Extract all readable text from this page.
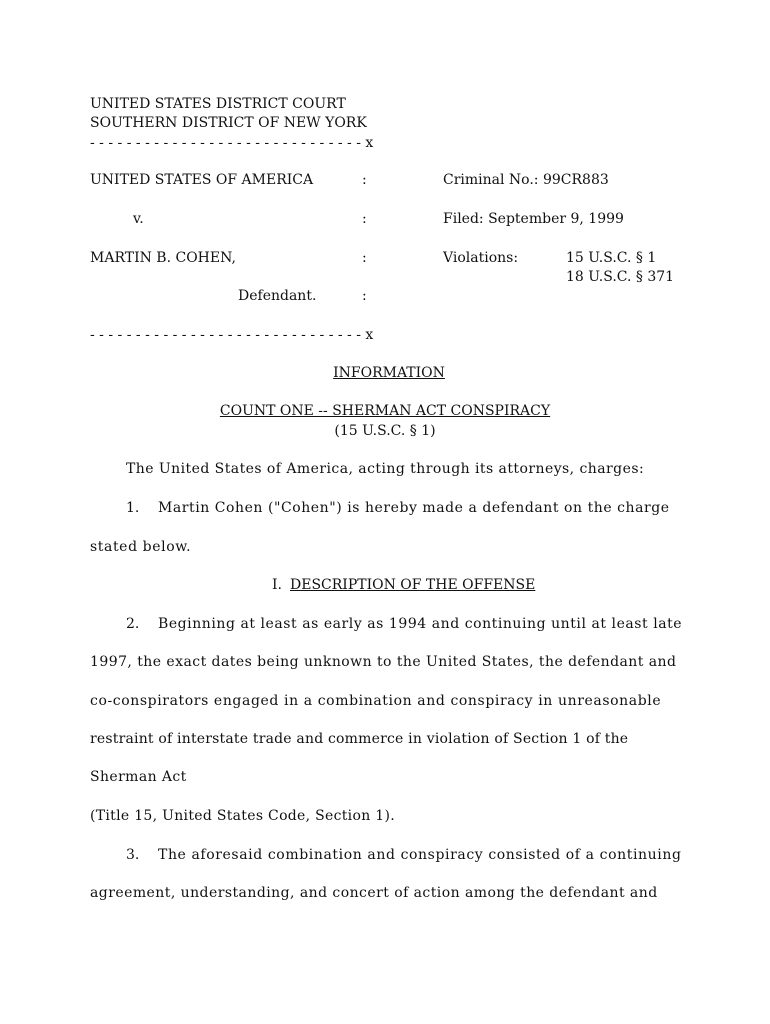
UNITED STATES DISTRICT COURT
SOUTHERN DISTRICT OF NEW YORK
- - - - - - - - - - - - - - - - - - - - - - - - - - - - - - x
UNITED STATES OF AMERICA
v.
MARTIN B. COHEN,
Defendant.
:
:
:
:
Criminal No.: 99CR883
Filed: September 9, 1999
Violations:	15 U.S.C. § 1
18 U.S.C. § 371
- - - - - - - - - - - - - - - - - - - - - - - - - - - - - - x
INFORMATION
COUNT ONE -- SHERMAN ACT CONSPIRACY
(15 U.S.C. § 1)
The United States of America, acting through its attorneys, charges:
1. Martin Cohen ("Cohen") is hereby made a defendant on the charge
stated below.
I. DESCRIPTION OF THE OFFENSE
2. Beginning at least as early as 1994 and continuing until at least late
1997, the exact dates being unknown to the United States, the defendant and
co-conspirators engaged in a combination and conspiracy in unreasonable
restraint of interstate trade and commerce in violation of Section 1 of the
Sherman Act
(Title 15, United States Code, Section 1).
3. The aforesaid combination and conspiracy consisted of a continuing
agreement, understanding, and concert of action among the defendant and
